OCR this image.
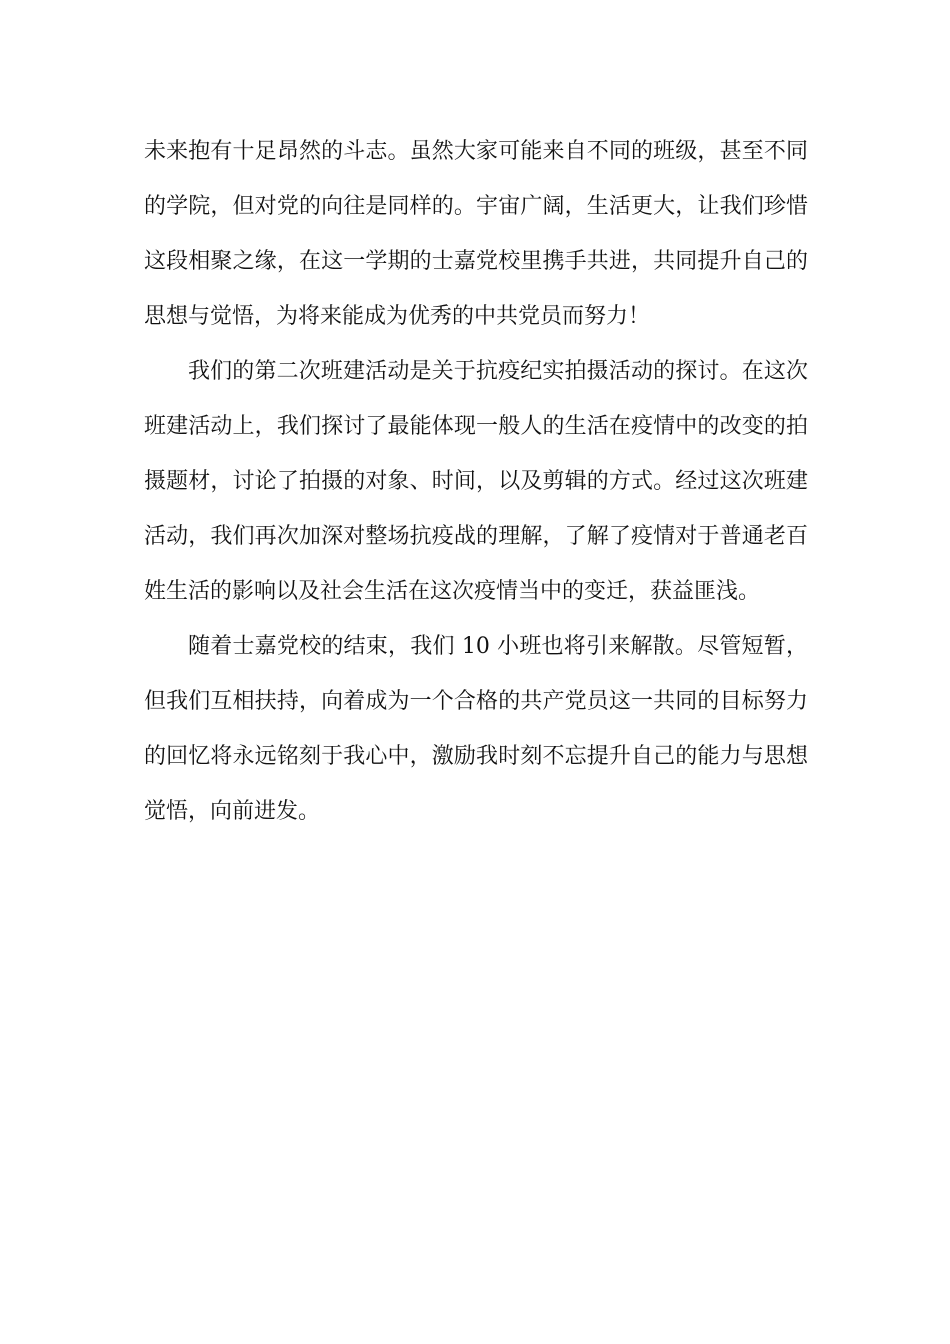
未来抱有十足昂然的斗志。虽然大家可能来自不同的班级，甚至不同的学院，但对党的向往是同样的。宇宙广阔，生活更大，让我们珍惜这段相聚之缘，在这一学期的士嘉党校里携手共进，共同提升自己的思想与觉悟，为将来能成为优秀的中共党员而努力！

我们的第二次班建活动是关于抗疫纪实拍摄活动的探讨。在这次班建活动上，我们探讨了最能体现一般人的生活在疫情中的改变的拍摄题材，讨论了拍摄的对象、时间，以及剪辑的方式。经过这次班建活动，我们再次加深对整场抗疫战的理解，了解了疫情对于普通老百姓生活的影响以及社会生活在这次疫情当中的变迁，获益匪浅。

随着士嘉党校的结束，我们 10 小班也将引来解散。尽管短暂，但我们互相扶持，向着成为一个合格的共产党员这一共同的目标努力的回忆将永远铭刻于我心中，激励我时刻不忘提升自己的能力与思想觉悟，向前进发。
